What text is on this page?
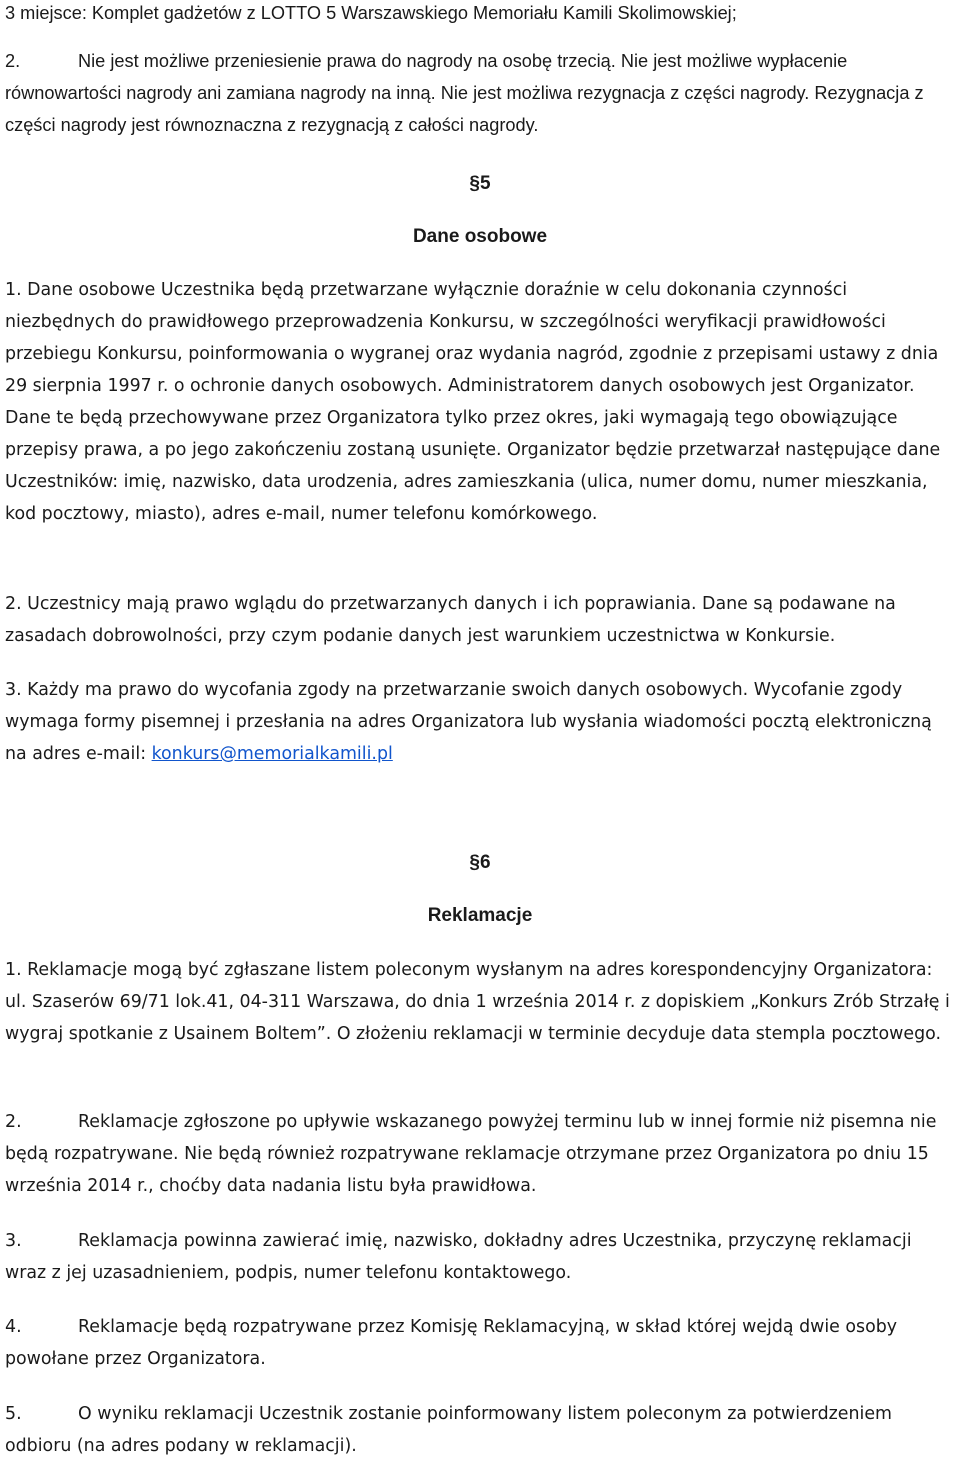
3 miejsce: Komplet gadżetów z LOTTO 5 Warszawskiego Memoriału Kamili Skolimowskiej;

2.	Nie jest możliwe przeniesienie prawa do nagrody na osobę trzecią. Nie jest możliwe wypłacenie równowartości nagrody ani zamiana nagrody na inną. Nie jest możliwa rezygnacja z części nagrody. Rezygnacja z części nagrody jest równoznaczna z rezygnacją z całości nagrody.

§5

Dane osobowe

1. Dane osobowe Uczestnika będą przetwarzane wyłącznie doraźnie w celu dokonania czynności niezbędnych do prawidłowego przeprowadzenia Konkursu, w szczególności weryfikacji prawidłowości przebiegu Konkursu, poinformowania o wygranej oraz wydania nagród, zgodnie z przepisami ustawy z dnia 29 sierpnia 1997 r. o ochronie danych osobowych. Administratorem danych osobowych jest Organizator. Dane te będą przechowywane przez Organizatora tylko przez okres, jaki wymagają tego obowiązujące przepisy prawa, a po jego zakończeniu zostaną usunięte. Organizator będzie przetwarzał następujące dane Uczestników: imię, nazwisko, data urodzenia, adres zamieszkania (ulica, numer domu, numer mieszkania, kod pocztowy, miasto), adres e-mail, numer telefonu komórkowego.

2. Uczestnicy mają prawo wglądu do przetwarzanych danych i ich poprawiania. Dane są podawane na zasadach dobrowolności, przy czym podanie danych jest warunkiem uczestnictwa w Konkursie.

3. Każdy ma prawo do wycofania zgody na przetwarzanie swoich danych osobowych. Wycofanie zgody wymaga formy pisemnej i przesłania na adres Organizatora lub wysłania wiadomości pocztą elektroniczną na adres e-mail: konkurs@memorialkamili.pl

§6

Reklamacje

1. Reklamacje mogą być zgłaszane listem poleconym wysłanym na adres korespondencyjny Organizatora: ul. Szaserów 69/71 lok.41, 04-311 Warszawa, do dnia 1 września 2014 r. z dopiskiem „Konkurs Zrób Strzałę i wygraj spotkanie z Usainem Boltem”. O złożeniu reklamacji w terminie decyduje data stempla pocztowego.

2.	Reklamacje zgłoszone po upływie wskazanego powyżej terminu lub w innej formie niż pisemna nie będą rozpatrywane. Nie będą również rozpatrywane reklamacje otrzymane przez Organizatora po dniu 15 września 2014 r., choćby data nadania listu była prawidłowa.

3.	Reklamacja powinna zawierać imię, nazwisko, dokładny adres Uczestnika, przyczynę reklamacji wraz z jej uzasadnieniem, podpis, numer telefonu kontaktowego.

4.	Reklamacje będą rozpatrywane przez Komisję Reklamacyjną, w skład której wejdą dwie osoby powołane przez Organizatora.

5.	O wyniku reklamacji Uczestnik zostanie poinformowany listem poleconym za potwierdzeniem odbioru (na adres podany w reklamacji).
